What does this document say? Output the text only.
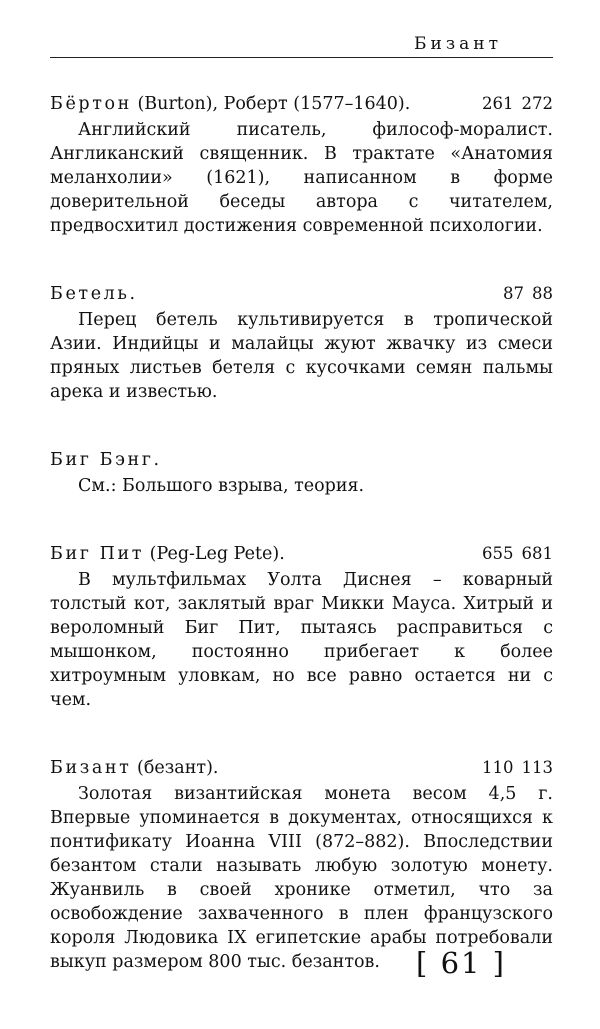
Бизант
Бёртон (Burton), Роберт (1577–1640).	261 272

Английский писатель, философ-моралист. Англиканский священник. В трактате «Анатомия меланхолии» (1621), написанном в форме доверительной беседы автора с читателем, предвосхитил достижения современной психологии.

Бетель.	87 88

Перец бетель культивируется в тропической Азии. Индийцы и малайцы жуют жвачку из смеси пряных листьев бетеля с кусочками семян пальмы арека и известью.

Биг Бэнг.

См.: Большого взрыва, теория.

Биг Пит (Peg-Leg Pete).	655 681

В мультфильмах Уолта Диснея – коварный толстый кот, заклятый враг Микки Мауса. Хитрый и вероломный Биг Пит, пытаясь расправиться с мышонком, постоянно прибегает к более хитроумным уловкам, но все равно остается ни с чем.

Бизант (безант).	110 113

Золотая византийская монета весом 4,5 г. Впервые упоминается в документах, относящихся к понтификату Иоанна VIII (872–882). Впоследствии безантом стали называть любую золотую монету. Жуанвиль в своей хронике отметил, что за освобождение захваченного в плен французского короля Людовика IX египетские арабы потребовали выкуп размером 800 тыс. безантов.	[ 61 ]
